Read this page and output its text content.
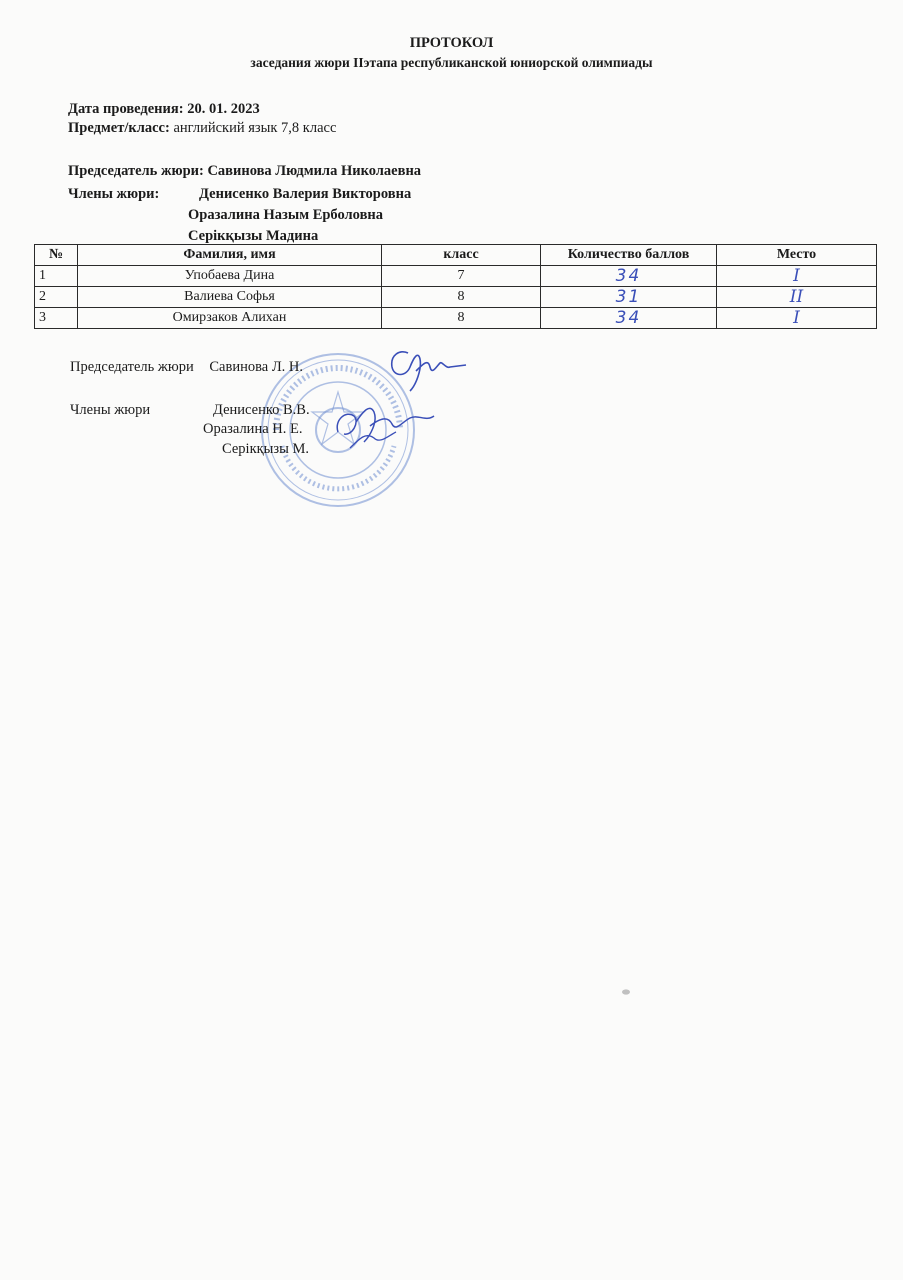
ПРОТОКОЛ
заседания жюри IIэтапа республиканской юниорской олимпиады
Дата проведения: 20. 01. 2023
Предмет/класс: английский язык 7,8 класс
Председатель жюри: Савинова Людмила Николаевна
Члены жюри:	Денисенко Валерия Викторовна
Оразалина Назым Ерболовна
Серікқызы Мадина
№	Фамилия, имя	класс	Количество баллов	Место
1	Упобаева Дина	7	34	I
2	Валиева Софья	8	31	II
3	Омирзаков Алихан	8	34	I
Председатель жюри Савинова Л. Н.
Члены жюри	Денисенко В.В.
Оразалина Н. Е.
Серікқызы М.
